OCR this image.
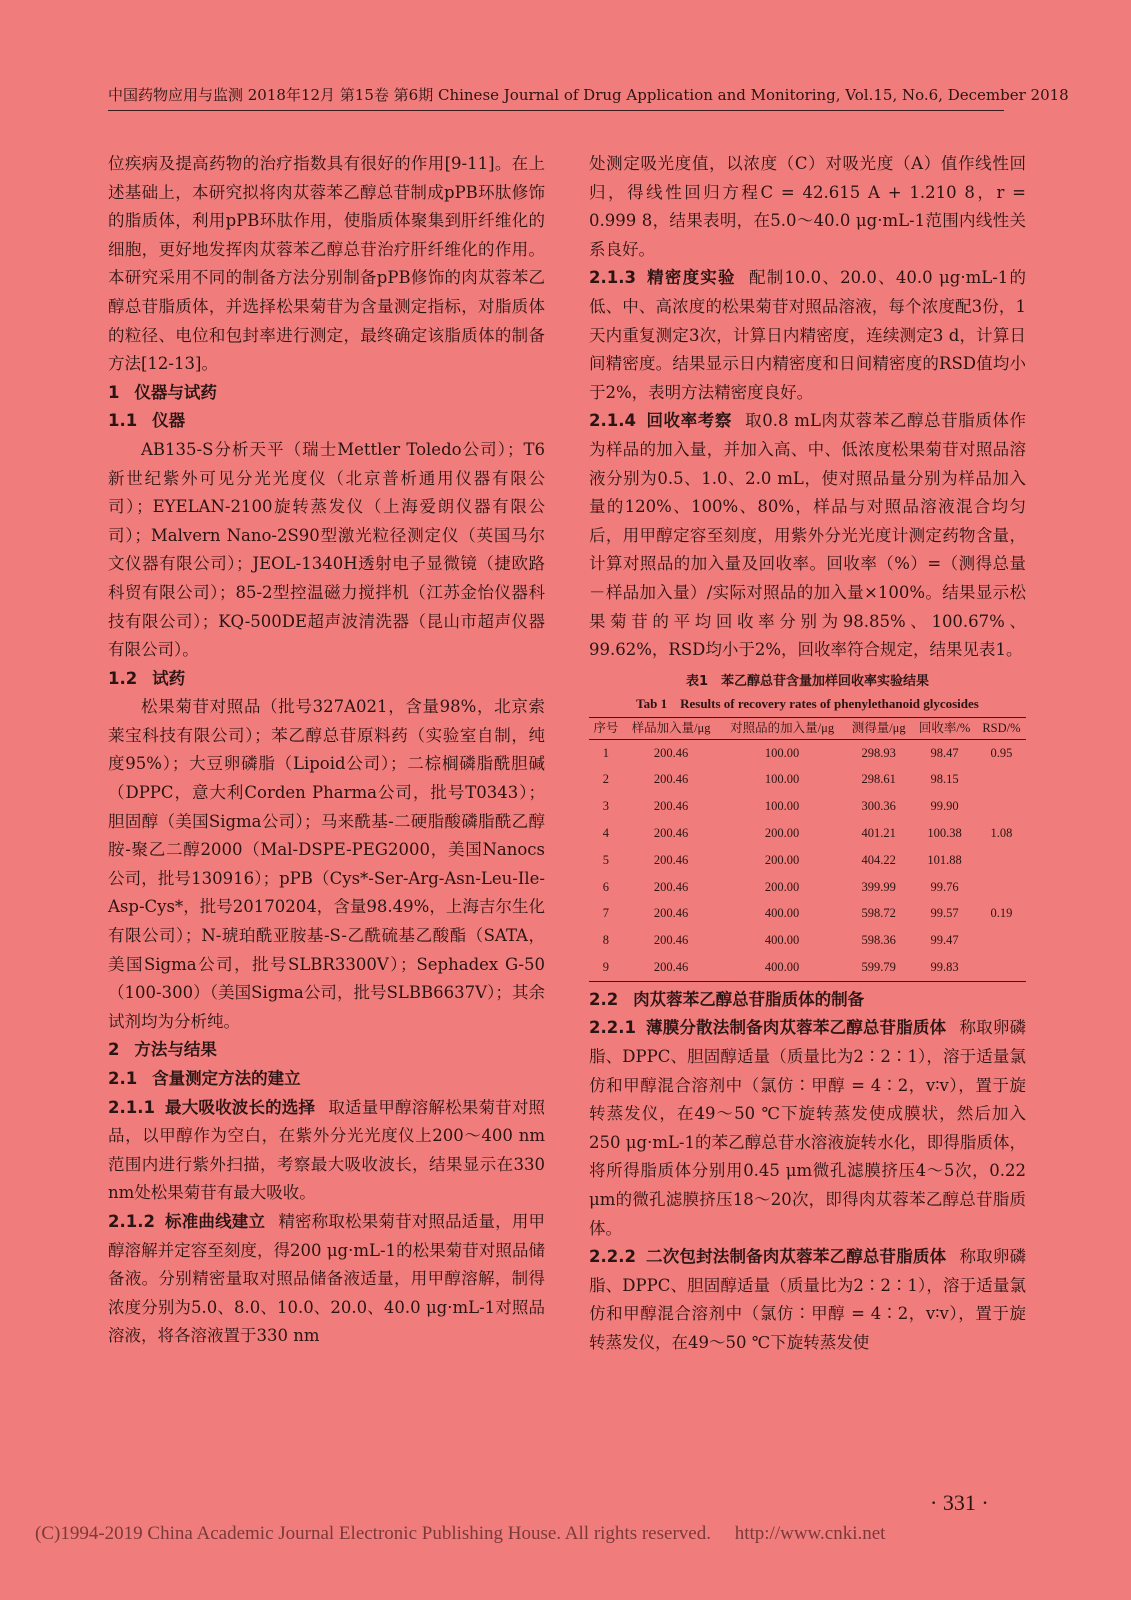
中国药物应用与监测 2018年12月 第15卷 第6期 Chinese Journal of Drug Application and Monitoring, Vol.15, No.6, December 2018

位疾病及提高药物的治疗指数具有很好的作用[9-11]。在上述基础上，本研究拟将肉苁蓉苯乙醇总苷制成pPB环肽修饰的脂质体，利用pPB环肽作用，使脂质体聚集到肝纤维化的细胞，更好地发挥肉苁蓉苯乙醇总苷治疗肝纤维化的作用。本研究采用不同的制备方法分别制备pPB修饰的肉苁蓉苯乙醇总苷脂质体，并选择松果菊苷为含量测定指标，对脂质体的粒径、电位和包封率进行测定，最终确定该脂质体的制备方法[12-13]。

1 仪器与试药
1.1 仪器

AB135-S分析天平（瑞士Mettler Toledo公司）；T6新世纪紫外可见分光光度仪（北京普析通用仪器有限公司）；EYELAN-2100旋转蒸发仪（上海爱朗仪器有限公司）；Malvern Nano-2S90型激光粒径测定仪（英国马尔文仪器有限公司）；JEOL-1340H透射电子显微镜（捷欧路科贸有限公司）；85-2型控温磁力搅拌机（江苏金怡仪器科技有限公司）；KQ-500DE超声波清洗器（昆山市超声仪器有限公司）。

1.2 试药

松果菊苷对照品（批号327A021，含量98%，北京索莱宝科技有限公司）；苯乙醇总苷原料药（实验室自制，纯度95%）；大豆卵磷脂（Lipoid公司）；二棕榈磷脂酰胆碱（DPPC，意大利Corden Pharma公司，批号T0343）；胆固醇（美国Sigma公司）；马来酰基-二硬脂酸磷脂酰乙醇胺-聚乙二醇2000（Mal-DSPE-PEG2000，美国Nanocs公司，批号130916）；pPB（Cys*-Ser-Arg-Asn-Leu-Ile-Asp-Cys*，批号20170204，含量98.49%，上海吉尔生化有限公司）；N-琥珀酰亚胺基-S-乙酰硫基乙酸酯（SATA，美国Sigma公司，批号SLBR3300V）；Sephadex G-50（100-300）（美国Sigma公司，批号SLBB6637V）；其余试剂均为分析纯。

2 方法与结果
2.1 含量测定方法的建立

2.1.1 最大吸收波长的选择 取适量甲醇溶解松果菊苷对照品，以甲醇作为空白，在紫外分光光度仪上200～400 nm范围内进行紫外扫描，考察最大吸收波长，结果显示在330 nm处松果菊苷有最大吸收。

2.1.2 标准曲线建立 精密称取松果菊苷对照品适量，用甲醇溶解并定容至刻度，得200 μg·mL-1的松果菊苷对照品储备液。分别精密量取对照品储备液适量，用甲醇溶解，制得浓度分别为5.0、8.0、10.0、20.0、40.0 μg·mL-1对照品溶液，将各溶液置于330 nm

处测定吸光度值，以浓度（C）对吸光度（A）值作线性回归，得线性回归方程C = 42.615 A + 1.210 8，r = 0.999 8，结果表明，在5.0～40.0 μg·mL-1范围内线性关系良好。

2.1.3 精密度实验 配制10.0、20.0、40.0 μg·mL-1的低、中、高浓度的松果菊苷对照品溶液，每个浓度配3份，1天内重复测定3次，计算日内精密度，连续测定3 d，计算日间精密度。结果显示日内精密度和日间精密度的RSD值均小于2%，表明方法精密度良好。

2.1.4 回收率考察 取0.8 mL肉苁蓉苯乙醇总苷脂质体作为样品的加入量，并加入高、中、低浓度松果菊苷对照品溶液分别为0.5、1.0、2.0 mL，使对照品量分别为样品加入量的120%、100%、80%，样品与对照品溶液混合均匀后，用甲醇定容至刻度，用紫外分光光度计测定药物含量，计算对照品的加入量及回收率。回收率（%）=（测得总量－样品加入量）/实际对照品的加入量×100%。结果显示松果菊苷的平均回收率分别为98.85%、100.67%、99.62%，RSD均小于2%，回收率符合规定，结果见表1。

表1　苯乙醇总苷含量加样回收率实验结果
Tab 1　Results of recovery rates of phenylethanoid glycosides
序号	样品加入量/μg	对照品的加入量/μg	测得量/μg	回收率/%	RSD/%
1	200.46	100.00	298.93	98.47	0.95
2	200.46	100.00	298.61	98.15	
3	200.46	100.00	300.36	99.90	
4	200.46	200.00	401.21	100.38	1.08
5	200.46	200.00	404.22	101.88	
6	200.46	200.00	399.99	99.76	
7	200.46	400.00	598.72	99.57	0.19
8	200.46	400.00	598.36	99.47	
9	200.46	400.00	599.79	99.83	
2.2 肉苁蓉苯乙醇总苷脂质体的制备

2.2.1 薄膜分散法制备肉苁蓉苯乙醇总苷脂质体 称取卵磷脂、DPPC、胆固醇适量（质量比为2∶2∶1），溶于适量氯仿和甲醇混合溶剂中（氯仿∶甲醇 = 4∶2，v∶v），置于旋转蒸发仪，在49～50 ℃下旋转蒸发使成膜状，然后加入250 μg·mL-1的苯乙醇总苷水溶液旋转水化，即得脂质体，将所得脂质体分别用0.45 μm微孔滤膜挤压4～5次，0.22 μm的微孔滤膜挤压18～20次，即得肉苁蓉苯乙醇总苷脂质体。

2.2.2 二次包封法制备肉苁蓉苯乙醇总苷脂质体 称取卵磷脂、DPPC、胆固醇适量（质量比为2∶2∶1），溶于适量氯仿和甲醇混合溶剂中（氯仿∶甲醇 = 4∶2，v∶v），置于旋转蒸发仪，在49～50 ℃下旋转蒸发使

· 331 ·
(C)1994-2019 China Academic Journal Electronic Publishing House. All rights reserved.　 http://www.cnki.net
